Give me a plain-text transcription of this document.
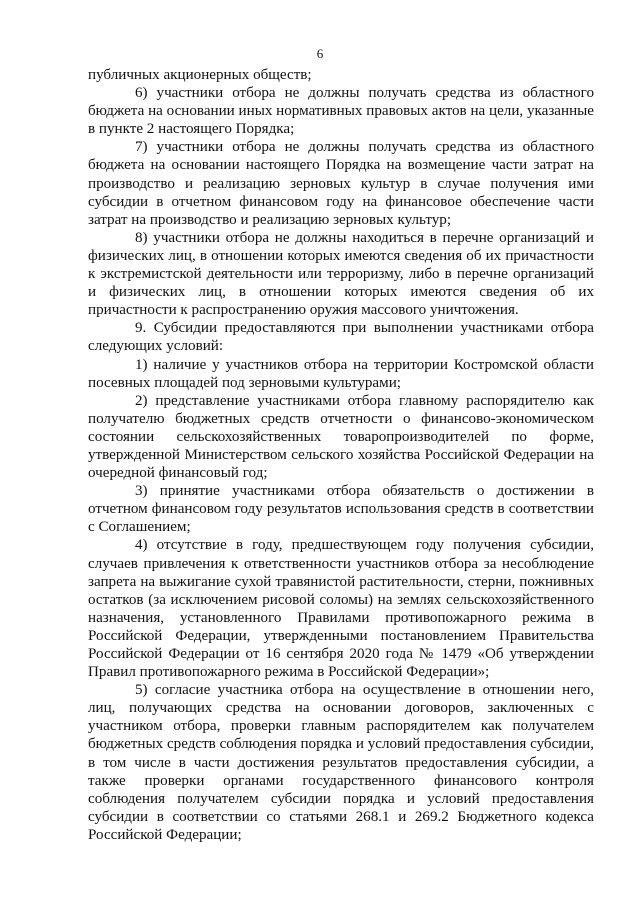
6

публичных акционерных обществ;

6) участники отбора не должны получать средства из областного бюджета на основании иных нормативных правовых актов на цели, указанные в пункте 2 настоящего Порядка;

7) участники отбора не должны получать средства из областного бюджета на основании настоящего Порядка на возмещение части затрат на производство и реализацию зерновых культур в случае получения ими субсидии в отчетном финансовом году на финансовое обеспечение части затрат на производство и реализацию зерновых культур;

8) участники отбора не должны находиться в перечне организаций и физических лиц, в отношении которых имеются сведения об их причастности к экстремистской деятельности или терроризму, либо в перечне организаций и физических лиц, в отношении которых имеются сведения об их причастности к распространению оружия массового уничтожения.

9. Субсидии предоставляются при выполнении участниками отбора следующих условий:

1) наличие у участников отбора на территории Костромской области посевных площадей под зерновыми культурами;

2) представление участниками отбора главному распорядителю как получателю бюджетных средств отчетности о финансово-экономическом состоянии сельскохозяйственных товаропроизводителей по форме, утвержденной Министерством сельского хозяйства Российской Федерации на очередной финансовый год;

3) принятие участниками отбора обязательств о достижении в отчетном финансовом году результатов использования средств в соответствии с Соглашением;

4) отсутствие в году, предшествующем году получения субсидии, случаев привлечения к ответственности участников отбора за несоблюдение запрета на выжигание сухой травянистой растительности, стерни, пожнивных остатков (за исключением рисовой соломы) на землях сельскохозяйственного назначения, установленного Правилами противопожарного режима в Российской Федерации, утвержденными постановлением Правительства Российской Федерации от 16 сентября 2020 года № 1479 «Об утверждении Правил противопожарного режима в Российской Федерации»;

5) согласие участника отбора на осуществление в отношении него, лиц, получающих средства на основании договоров, заключенных с участником отбора, проверки главным распорядителем как получателем бюджетных средств соблюдения порядка и условий предоставления субсидии, в том числе в части достижения результатов предоставления субсидии, а также проверки органами государственного финансового контроля соблюдения получателем субсидии порядка и условий предоставления субсидии в соответствии со статьями 268.1 и 269.2 Бюджетного кодекса Российской Федерации;
